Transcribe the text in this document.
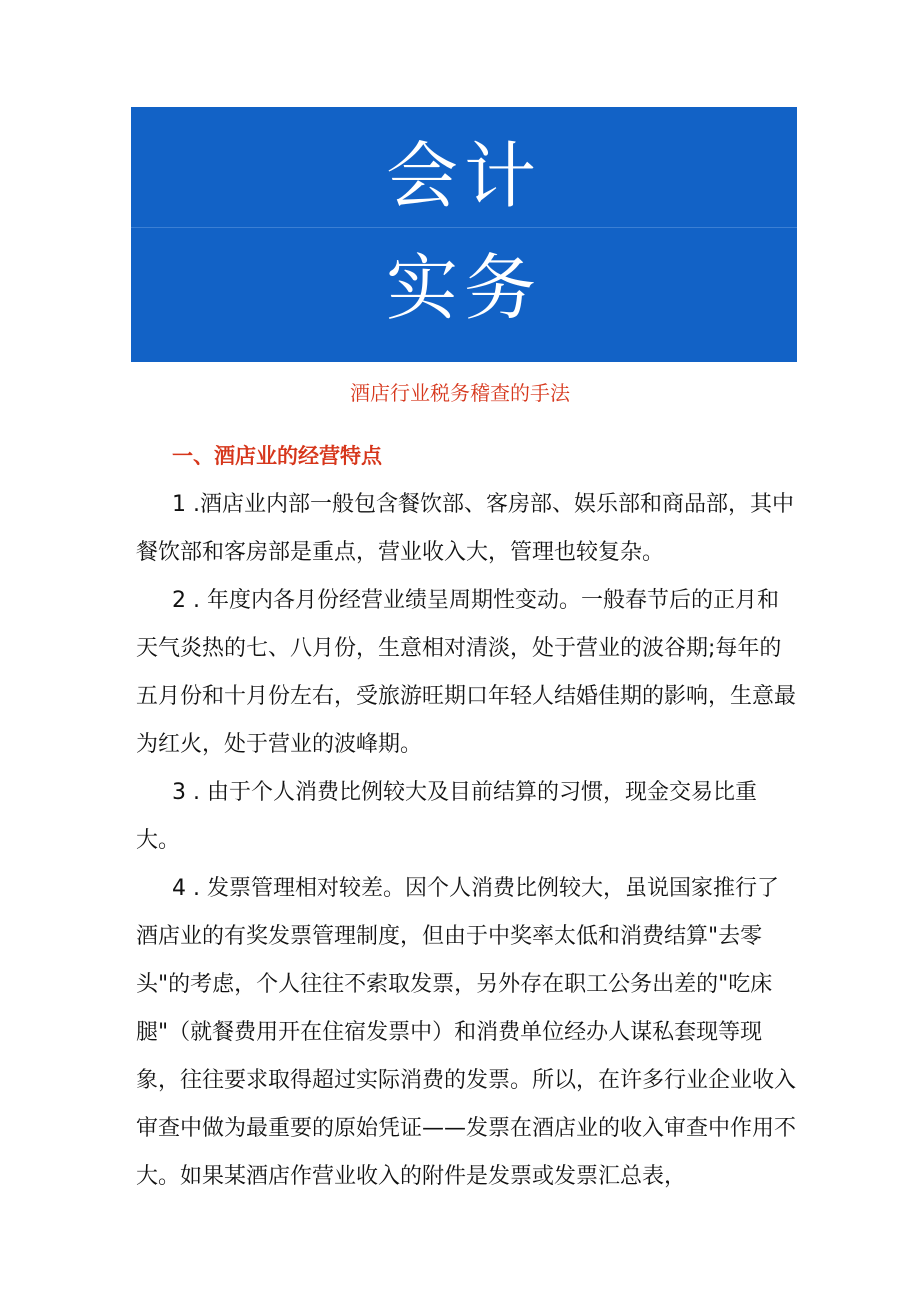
会计
实务
酒店行业税务稽查的手法
一、酒店业的经营特点

1 .酒店业内部一般包含餐饮部、客房部、娱乐部和商品部，其中餐饮部和客房部是重点，营业收入大，管理也较复杂。

2 . 年度内各月份经营业绩呈周期性变动。一般春节后的正月和天气炎热的七、八月份，生意相对清淡，处于营业的波谷期;每年的五月份和十月份左右，受旅游旺期口年轻人结婚佳期的影响，生意最为红火，处于营业的波峰期。

3 . 由于个人消费比例较大及目前结算的习惯，现金交易比重大。

4 . 发票管理相对较差。因个人消费比例较大，虽说国家推行了酒店业的有奖发票管理制度，但由于中奖率太低和消费结算"去零头"的考虑，个人往往不索取发票，另外存在职工公务出差的"吃床腿"（就餐费用开在住宿发票中）和消费单位经办人谋私套现等现象，往往要求取得超过实际消费的发票。所以，在许多行业企业收入审查中做为最重要的原始凭证——发票在酒店业的收入审查中作用不大。如果某酒店作营业收入的附件是发票或发票汇总表，
